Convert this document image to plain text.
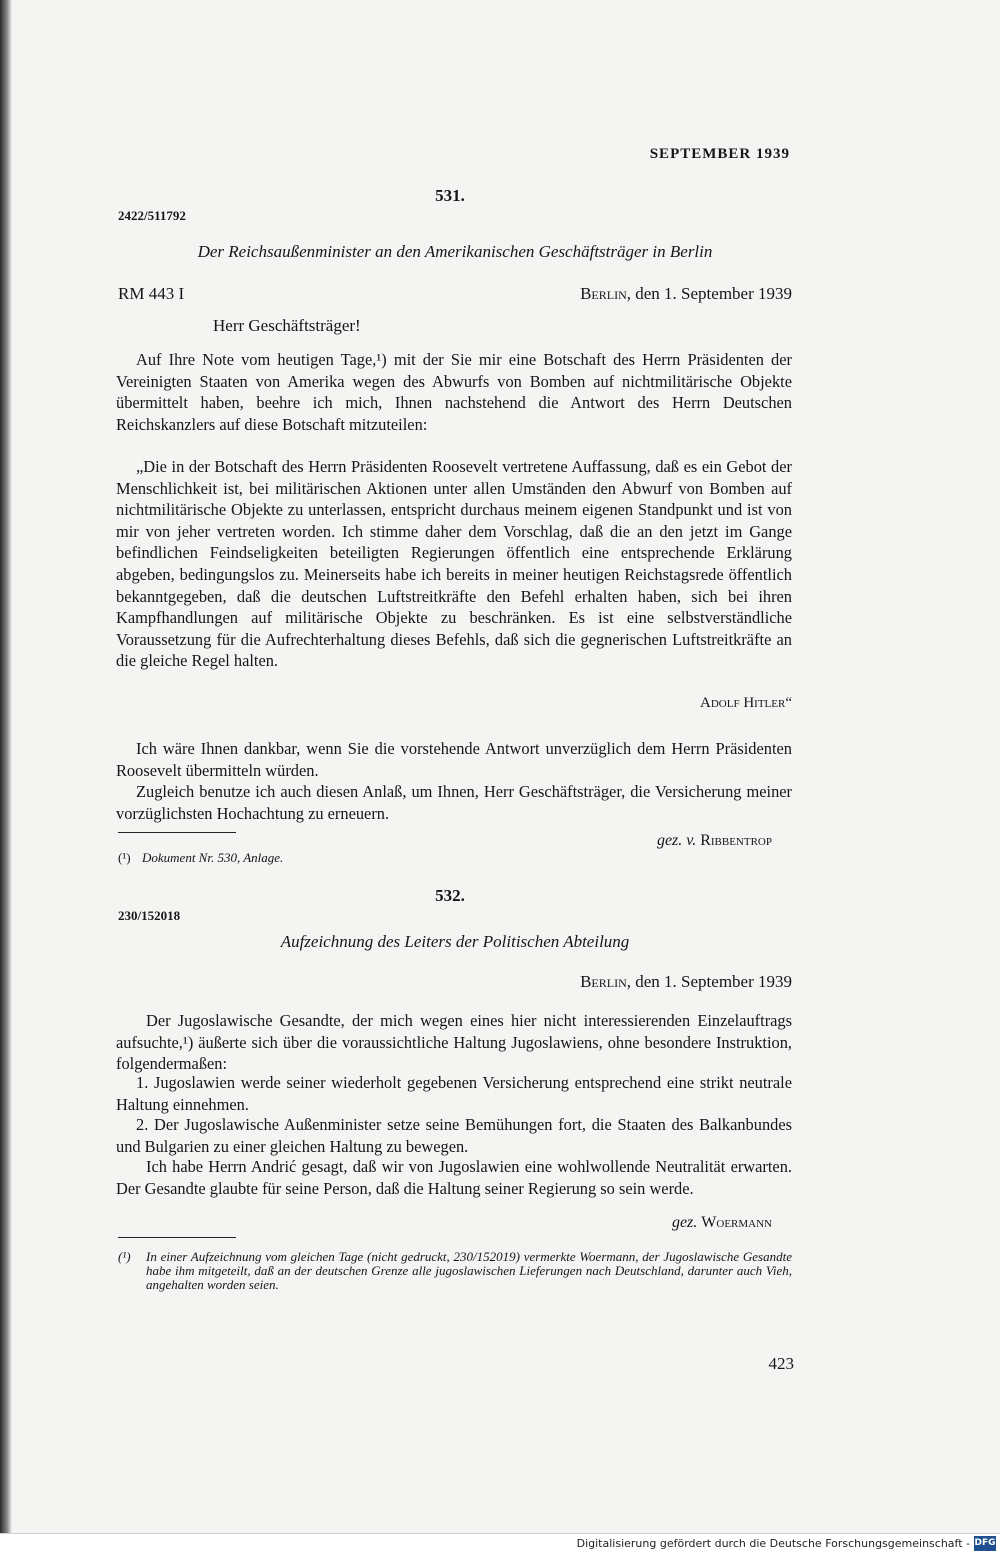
SEPTEMBER 1939

531.

2422/511792

Der Reichsaußenminister an den Amerikanischen Geschäftsträger in Berlin

RM 443 I	Berlin, den 1. September 1939

Herr Geschäftsträger!

Auf Ihre Note vom heutigen Tage,¹) mit der Sie mir eine Botschaft des Herrn Präsidenten der Vereinigten Staaten von Amerika wegen des Abwurfs von Bomben auf nichtmilitärische Objekte übermittelt haben, beehre ich mich, Ihnen nachstehend die Antwort des Herrn Deutschen Reichskanzlers auf diese Botschaft mitzuteilen:

„Die in der Botschaft des Herrn Präsidenten Roosevelt vertretene Auffassung, daß es ein Gebot der Menschlichkeit ist, bei militärischen Aktionen unter allen Umständen den Abwurf von Bomben auf nichtmilitärische Objekte zu unterlassen, entspricht durchaus meinem eigenen Standpunkt und ist von mir von jeher vertreten worden. Ich stimme daher dem Vorschlag, daß die an den jetzt im Gange befindlichen Feindseligkeiten beteiligten Regierungen öffentlich eine entsprechende Erklärung abgeben, bedingungslos zu. Meinerseits habe ich bereits in meiner heutigen Reichstagsrede öffentlich bekanntgegeben, daß die deutschen Luftstreitkräfte den Befehl erhalten haben, sich bei ihren Kampfhandlungen auf militärische Objekte zu beschränken. Es ist eine selbstverständliche Voraussetzung für die Aufrechterhaltung dieses Befehls, daß sich die gegnerischen Luftstreitkräfte an die gleiche Regel halten.

Adolf Hitler“

Ich wäre Ihnen dankbar, wenn Sie die vorstehende Antwort unverzüglich dem Herrn Präsidenten Roosevelt übermitteln würden.

Zugleich benutze ich auch diesen Anlaß, um Ihnen, Herr Geschäftsträger, die Versicherung meiner vorzüglichsten Hochachtung zu erneuern.

gez. v. Ribbentrop

(¹) Dokument Nr. 530, Anlage.

532.

230/152018

Aufzeichnung des Leiters der Politischen Abteilung

Berlin, den 1. September 1939

Der Jugoslawische Gesandte, der mich wegen eines hier nicht interessierenden Einzelauftrags aufsuchte,¹) äußerte sich über die voraussichtliche Haltung Jugoslawiens, ohne besondere Instruktion, folgendermaßen:

1. Jugoslawien werde seiner wiederholt gegebenen Versicherung entsprechend eine strikt neutrale Haltung einnehmen.

2. Der Jugoslawische Außenminister setze seine Bemühungen fort, die Staaten des Balkanbundes und Bulgarien zu einer gleichen Haltung zu bewegen.

Ich habe Herrn Andrić gesagt, daß wir von Jugoslawien eine wohlwollende Neutralität erwarten. Der Gesandte glaubte für seine Person, daß die Haltung seiner Regierung so sein werde.

gez. Woermann

(¹)	In einer Aufzeichnung vom gleichen Tage (nicht gedruckt, 230/152019) vermerkte Woermann, der Jugoslawische Gesandte habe ihm mitgeteilt, daß an der deutschen Grenze alle jugoslawischen Lieferungen nach Deutschland, darunter auch Vieh, angehalten worden seien.

423

Digitalisierung gefördert durch die Deutsche Forschungsgemeinschaft - DFG
